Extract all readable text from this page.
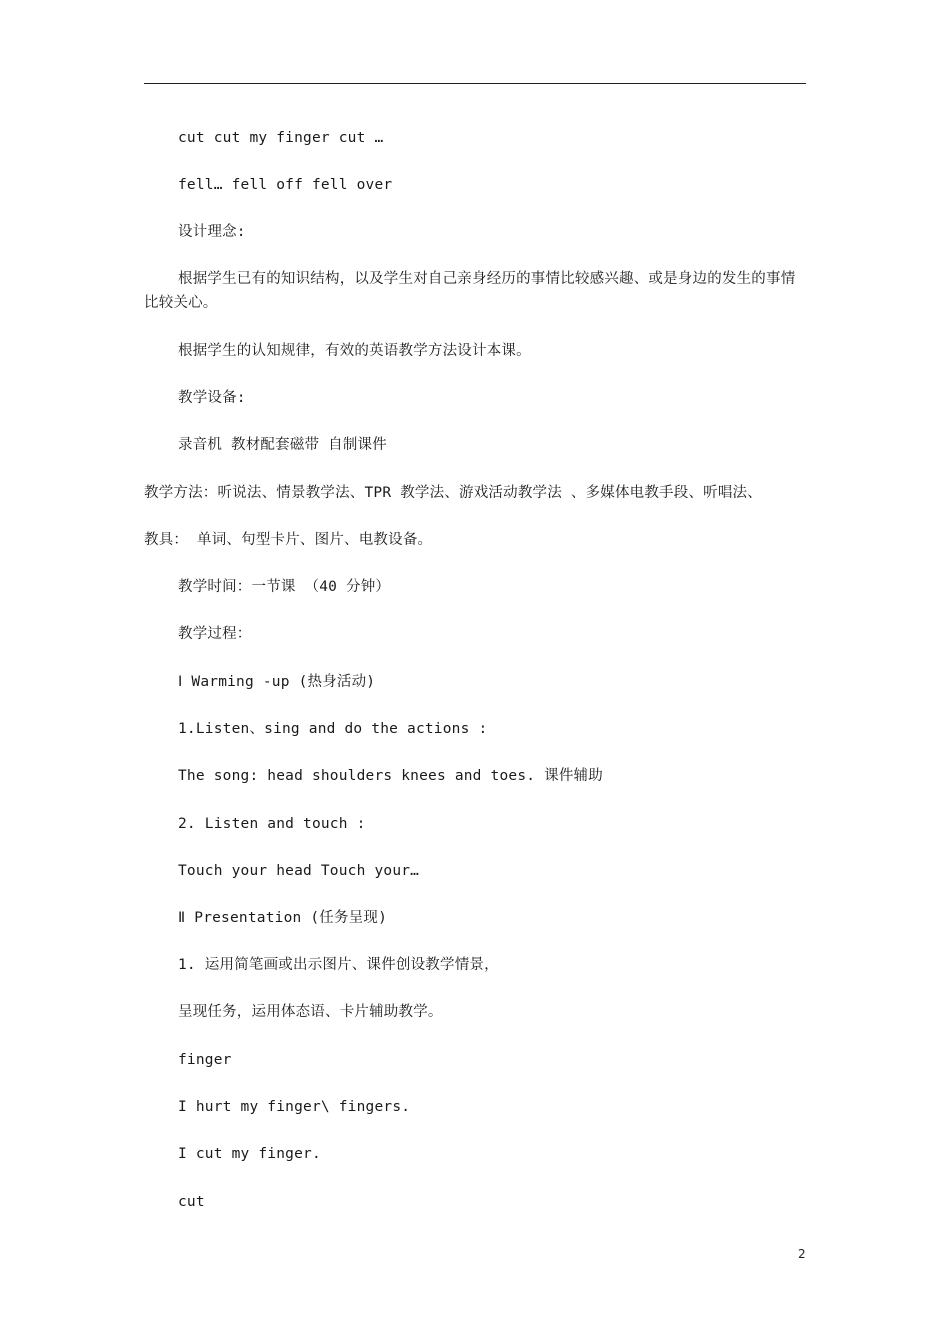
cut cut my finger cut …
fell… fell off fell over
设计理念:
根据学生已有的知识结构，以及学生对自己亲身经历的事情比较感兴趣、或是身边的发生的事情比较关心。
根据学生的认知规律，有效的英语教学方法设计本课。
教学设备:
录音机 教材配套磁带 自制课件
教学方法：听说法、情景教学法、TPR 教学法、游戏活动教学法 、多媒体电教手段、听唱法、
教具： 单词、句型卡片、图片、电教设备。
教学时间：一节课 （40 分钟）
教学过程：
Ⅰ Warming -up (热身活动)
1.Listen、sing and do the actions :
The song: head shoulders knees and toes. 课件辅助
2. Listen and touch :
Touch your head Touch your…
Ⅱ Presentation (任务呈现)
1. 运用简笔画或出示图片、课件创设教学情景，
呈现任务，运用体态语、卡片辅助教学。
finger
I hurt my finger\ fingers.
I cut my finger.
cut
2
